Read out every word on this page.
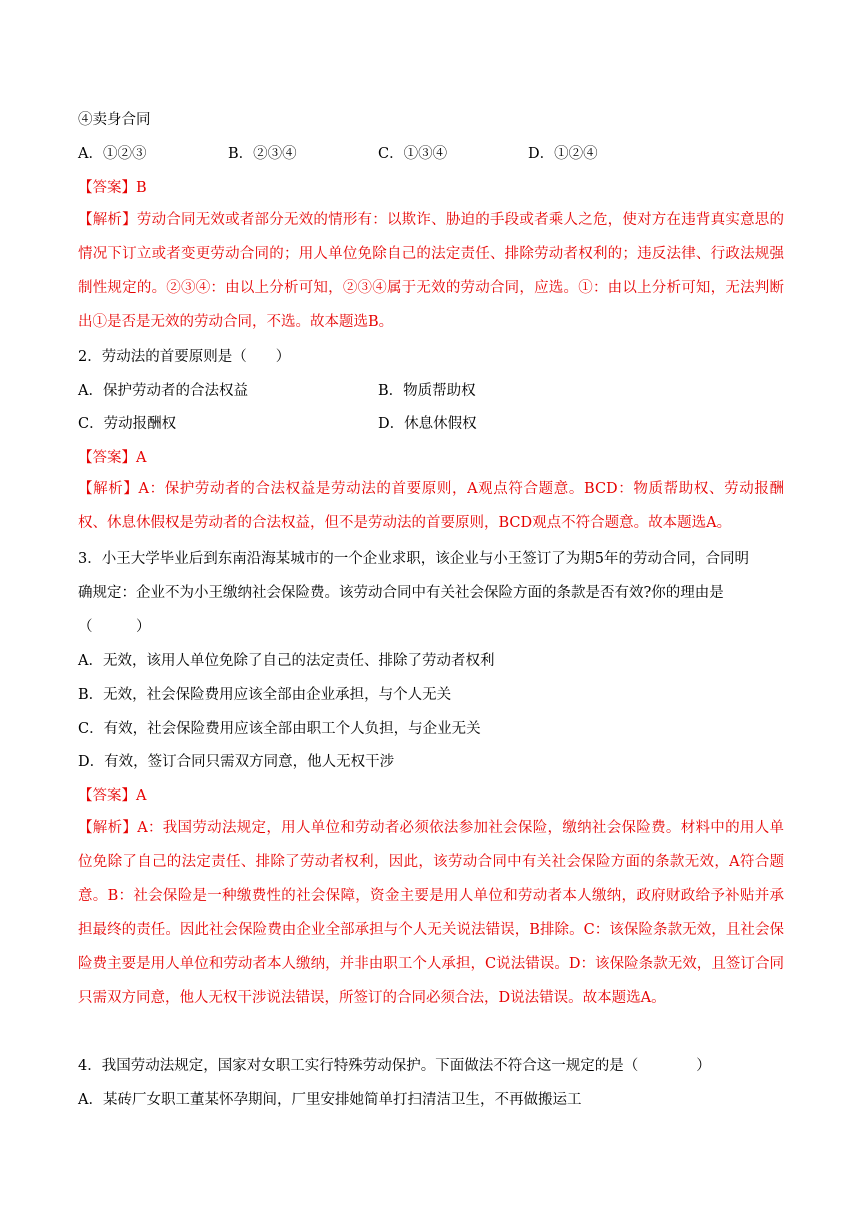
④卖身合同
A．①②③	B．②③④	C．①③④	D．①②④
【答案】B
【解析】劳动合同无效或者部分无效的情形有：以欺诈、胁迫的手段或者乘人之危，使对方在违背真实意思的情况下订立或者变更劳动合同的；用人单位免除自己的法定责任、排除劳动者权利的；违反法律、行政法规强制性规定的。②③④：由以上分析可知，②③④属于无效的劳动合同，应选。①：由以上分析可知，无法判断出①是否是无效的劳动合同，不选。故本题选B。
2．劳动法的首要原则是（　　）
A．保护劳动者的合法权益	B．物质帮助权
C．劳动报酬权	D．休息休假权
【答案】A
【解析】A：保护劳动者的合法权益是劳动法的首要原则，A观点符合题意。BCD：物质帮助权、劳动报酬权、休息休假权是劳动者的合法权益，但不是劳动法的首要原则，BCD观点不符合题意。故本题选A。
3．小王大学毕业后到东南沿海某城市的一个企业求职，该企业与小王签订了为期5年的劳动合同，合同明
确规定：企业不为小王缴纳社会保险费。该劳动合同中有关社会保险方面的条款是否有效?你的理由是
（　　　）
A．无效，该用人单位免除了自己的法定责任、排除了劳动者权利
B．无效，社会保险费用应该全部由企业承担，与个人无关
C．有效，社会保险费用应该全部由职工个人负担，与企业无关
D．有效，签订合同只需双方同意，他人无权干涉
【答案】A
【解析】A：我国劳动法规定，用人单位和劳动者必须依法参加社会保险，缴纳社会保险费。材料中的用人单位免除了自己的法定责任、排除了劳动者权利，因此，该劳动合同中有关社会保险方面的条款无效，A符合题意。B：社会保险是一种缴费性的社会保障，资金主要是用人单位和劳动者本人缴纳，政府财政给予补贴并承担最终的责任。因此社会保险费由企业全部承担与个人无关说法错误，B排除。C：该保险条款无效，且社会保险费主要是用人单位和劳动者本人缴纳，并非由职工个人承担，C说法错误。D：该保险条款无效，且签订合同只需双方同意，他人无权干涉说法错误，所签订的合同必须合法，D说法错误。故本题选A。
4．我国劳动法规定，国家对女职工实行特殊劳动保护。下面做法不符合这一规定的是（　　　　）
A．某砖厂女职工董某怀孕期间，厂里安排她简单打扫清洁卫生，不再做搬运工
